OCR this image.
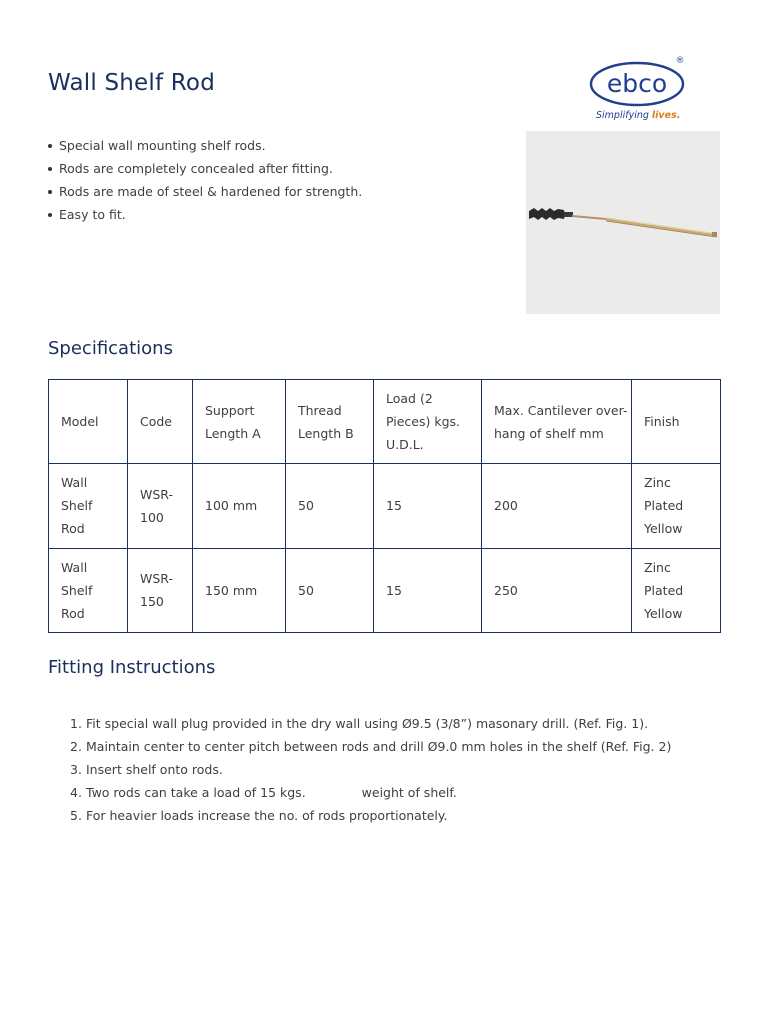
Wall Shelf Rod	ebco
®
Simplifying lives.
Special wall mounting shelf rods.
Rods are completely concealed after fitting.
Rods are made of steel & hardened for strength.
Easy to fit.
Specifications
Model	Code	Support Length A	Thread Length B	Load (2 Pieces) kgs. U.D.L.	Max. Cantilever over-hang of shelf mm	Finish
Wall Shelf Rod	WSR-100	100 mm	50	15	200	Zinc Plated Yellow
Wall Shelf Rod	WSR-150	150 mm	50	15	250	Zinc Plated Yellow
Fitting Instructions
1. Fit special wall plug provided in the dry wall using Ø9.5 (3/8”) masonary drill. (Ref. Fig. 1).
2. Maintain center to center pitch between rods and drill Ø9.0 mm holes in the shelf (Ref. Fig. 2)
3. Insert shelf onto rods.
4. Two rods can take a load of 15 kgs.	weight of shelf.
5. For heavier loads increase the no. of rods proportionately.
